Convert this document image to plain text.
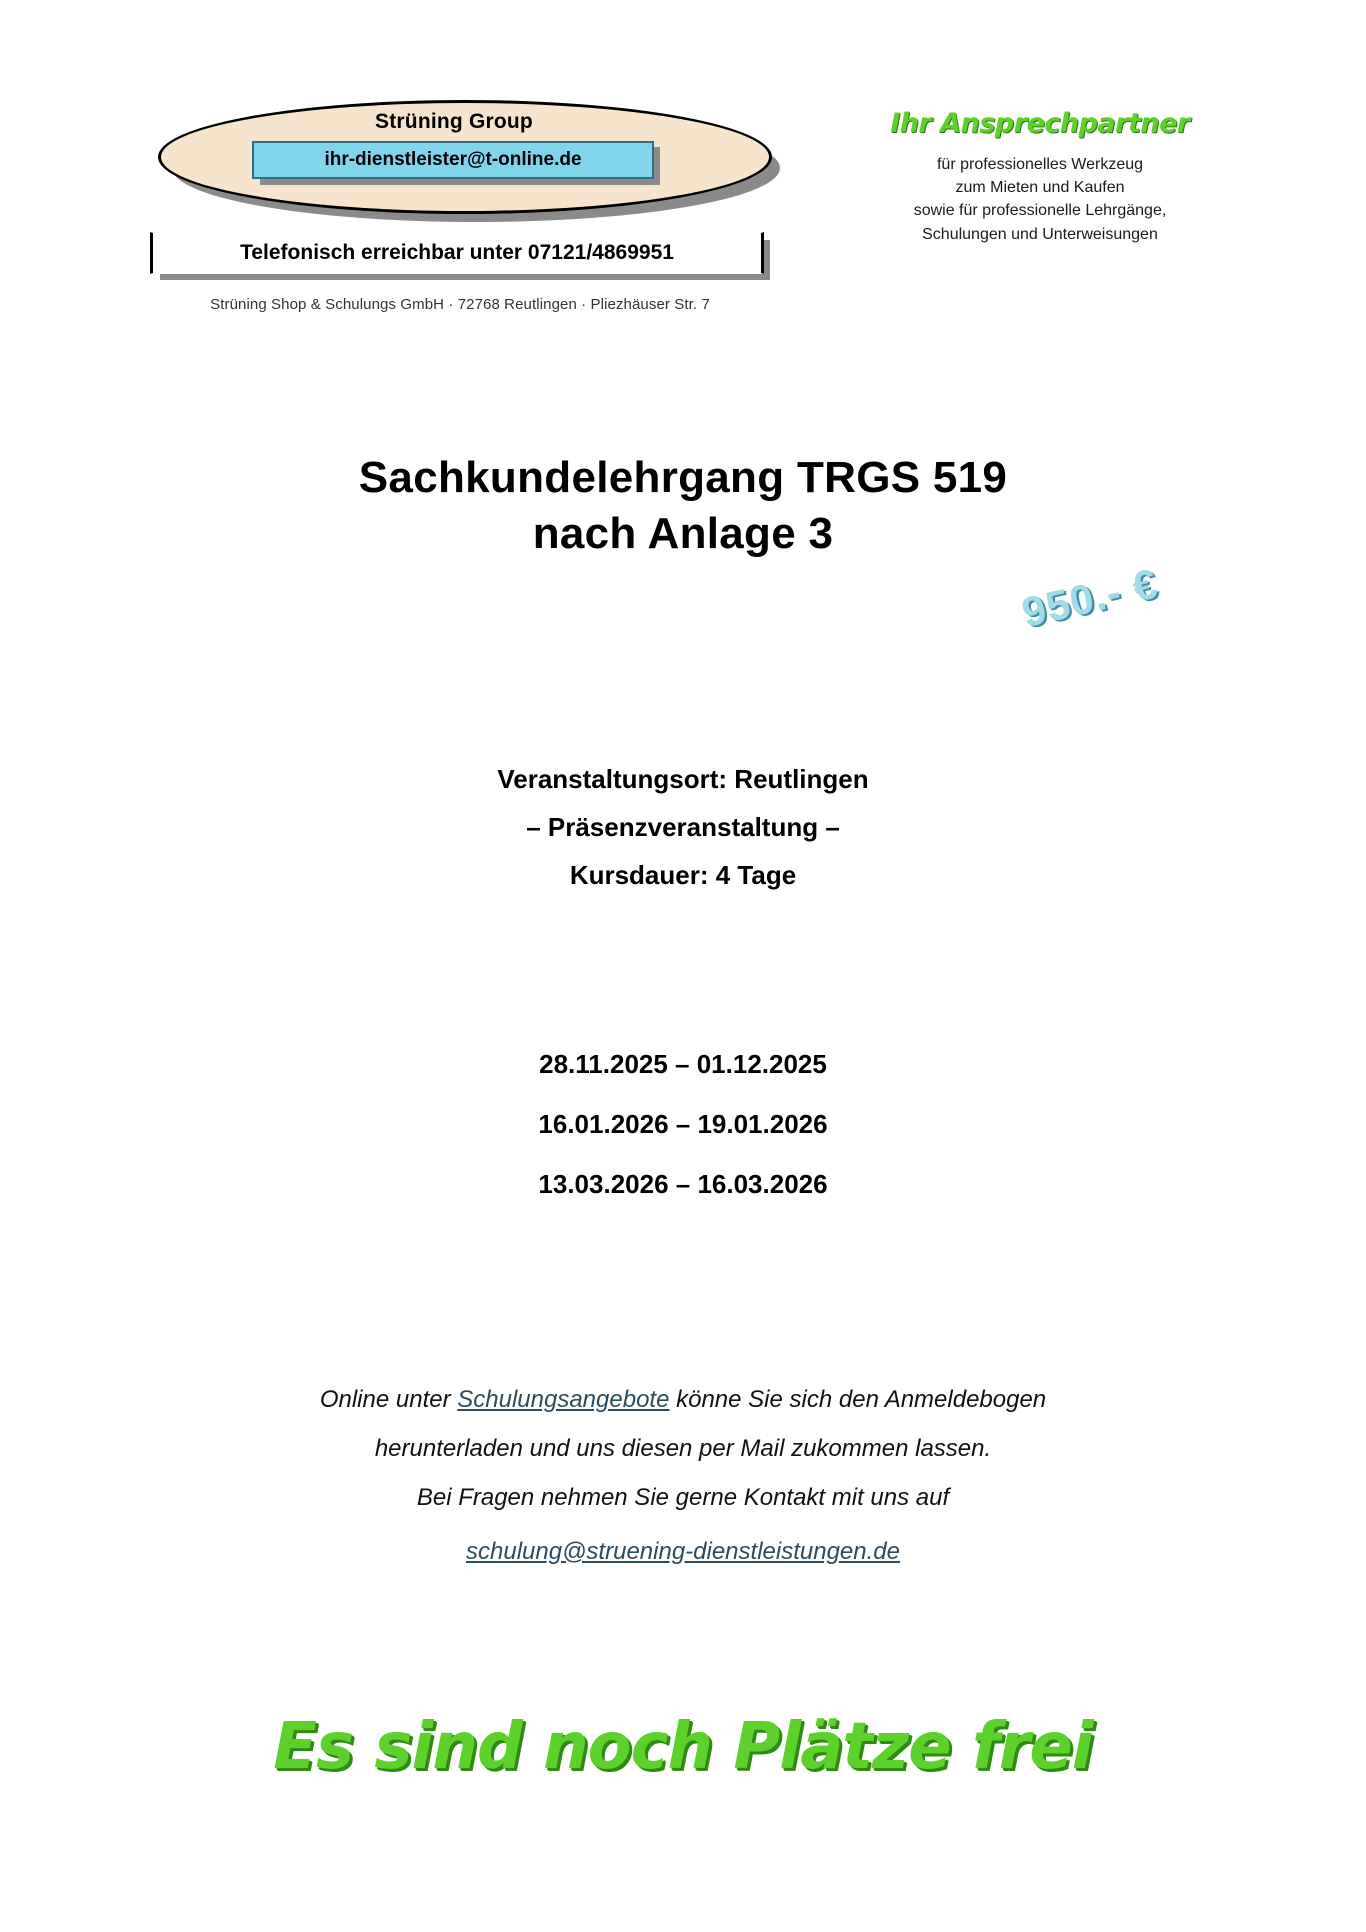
Strüning Group
ihr-dienstleister@t-online.de
Telefonisch erreichbar unter 07121/4869951
Strüning Shop & Schulungs GmbH · 72768 Reutlingen · Pliezhäuser Str. 7
Ihr Ansprechpartner
für professionelles Werkzeug
zum Mieten und Kaufen
sowie für professionelle Lehrgänge,
Schulungen und Unterweisungen
Sachkundelehrgang TRGS 519
nach Anlage 3
950.- €
Veranstaltungsort: Reutlingen
– Präsenzveranstaltung –
Kursdauer: 4 Tage
28.11.2025 – 01.12.2025
16.01.2026 – 19.01.2026
13.03.2026 – 16.03.2026
Online unter Schulungsangebote könne Sie sich den Anmeldebogen
herunterladen und uns diesen per Mail zukommen lassen.
Bei Fragen nehmen Sie gerne Kontakt mit uns auf
schulung@struening-dienstleistungen.de
Es sind noch Plätze frei
